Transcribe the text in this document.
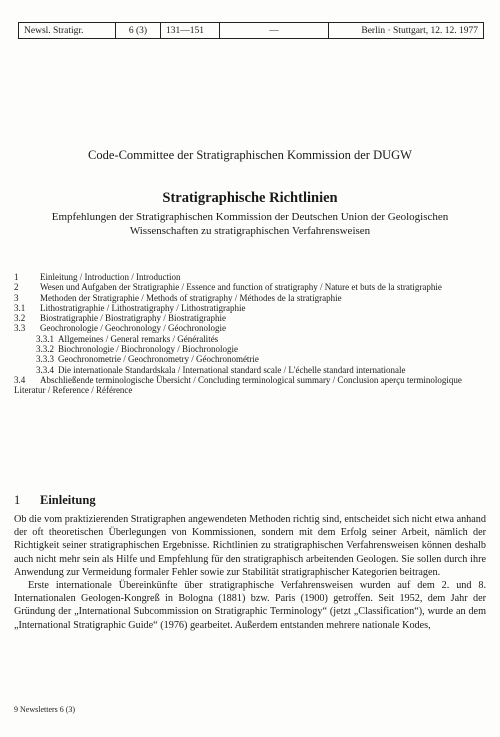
Newsl. Stratigr.	6 (3)	131—151	—	Berlin · Stuttgart, 12. 12. 1977
Code-Committee der Stratigraphischen Kommission der DUGW
Stratigraphische Richtlinien
Empfehlungen der Stratigraphischen Kommission der Deutschen Union der Geologischen Wissenschaften zu stratigraphischen Verfahrensweisen
1	Einleitung / Introduction / Introduction
2	Wesen und Aufgaben der Stratigraphie / Essence and function of stratigraphy / Nature et buts de la stratigraphie
3	Methoden der Stratigraphie / Methods of stratigraphy / Méthodes de la stratigraphie
3.1	Lithostratigraphie / Lithostratigraphy / Lithostratigraphie
3.2	Biostratigraphie / Biostratigraphy / Biostratigraphie
3.3	Geochronologie / Geochronology / Géochronologie
3.3.1 Allgemeines / General remarks / Généralités
3.3.2 Biochronologie / Biochronology / Biochronologie
3.3.3 Geochronometrie / Geochronometry / Géochronométrie
3.3.4 Die internationale Standardskala / International standard scale / L'échelle standard internationale
3.4	Abschließende terminologische Übersicht / Concluding terminological summary / Conclusion aperçu terminologique
Literatur / Reference / Référence
1	Einleitung

Ob die vom praktizierenden Stratigraphen angewendeten Methoden richtig sind, entscheidet sich nicht etwa anhand der oft theoretischen Überlegungen von Kommissionen, sondern mit dem Erfolg seiner Arbeit, nämlich der Richtigkeit seiner stratigraphischen Ergebnisse. Richtlinien zu stratigraphischen Verfahrensweisen können deshalb auch nicht mehr sein als Hilfe und Empfehlung für den stratigraphisch arbeitenden Geologen. Sie sollen durch ihre Anwendung zur Vermeidung formaler Fehler sowie zur Stabilität stratigraphischer Kategorien beitragen.

Erste internationale Übereinkünfte über stratigraphische Verfahrensweisen wurden auf dem 2. und 8. Internationalen Geologen-Kongreß in Bologna (1881) bzw. Paris (1900) getroffen. Seit 1952, dem Jahr der Gründung der „International Subcommission on Stratigraphic Terminology“ (jetzt „Classification“), wurde an dem „International Stratigraphic Guide“ (1976) gearbeitet. Außerdem entstanden mehrere nationale Kodes,

9 Newsletters 6 (3)
